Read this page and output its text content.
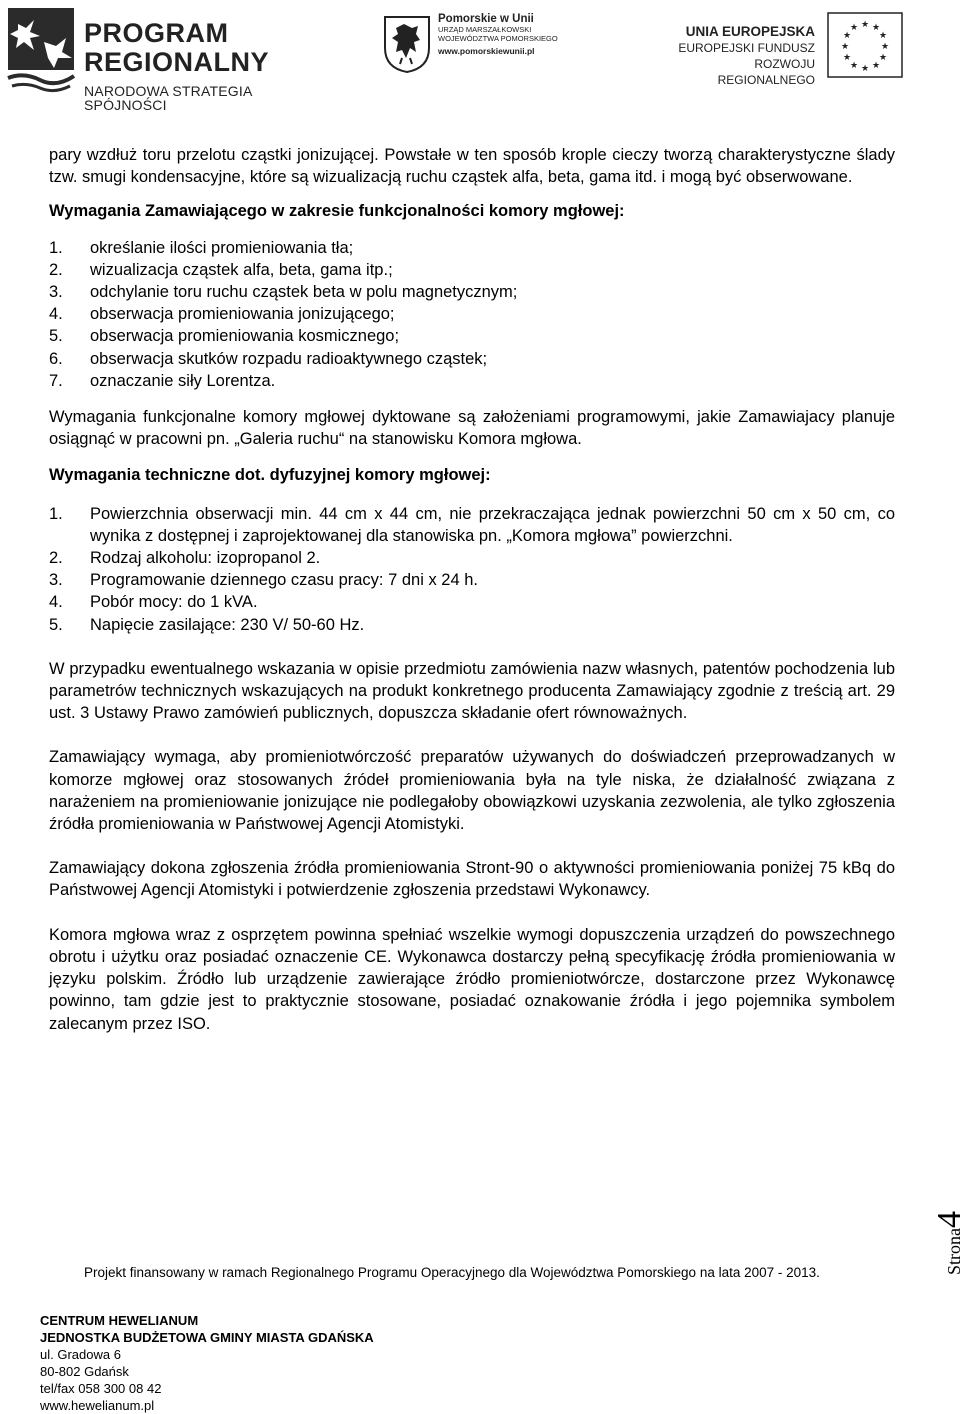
PROGRAM
REGIONALNY
NARODOWA STRATEGIA SPÓJNOŚCI
Pomorskie w Unii
URZĄD MARSZAŁKOWSKI
WOJEWÓDZTWA POMORSKIEGO
www.pomorskiewunii.pl
UNIA EUROPEJSKA
EUROPEJSKI FUNDUSZ
ROZWOJU REGIONALNEGO
★ ★
★
★
★
★
★
★
★
★
★
★

pary wzdłuż toru przelotu cząstki jonizującej. Powstałe w ten sposób krople cieczy tworzą charakterystyczne ślady tzw. smugi kondensacyjne, które są wizualizacją ruchu cząstek alfa, beta, gama itd. i mogą być obserwowane.

Wymagania Zamawiającego w zakresie funkcjonalności komory mgłowej:

1. określanie ilości promieniowania tła;
2. wizualizacja cząstek alfa, beta, gama itp.;
3. odchylanie toru ruchu cząstek beta w polu magnetycznym;
4. obserwacja promieniowania jonizującego;
5. obserwacja promieniowania kosmicznego;
6. obserwacja skutków rozpadu radioaktywnego cząstek;
7. oznaczanie siły Lorentza.

Wymagania funkcjonalne komory mgłowej dyktowane są założeniami programowymi, jakie Zamawiajacy planuje osiągnąć w pracowni pn. „Galeria ruchu“ na stanowisku Komora mgłowa.

Wymagania techniczne dot. dyfuzyjnej komory mgłowej:

1. Powierzchnia obserwacji min. 44 cm x 44 cm, nie przekraczająca jednak powierzchni 50 cm x 50 cm, co wynika z dostępnej i zaprojektowanej dla stanowiska pn. „Komora mgłowa” powierzchni.
2. Rodzaj alkoholu: izopropanol 2.
3. Programowanie dziennego czasu pracy: 7 dni x 24 h.
4. Pobór mocy: do 1 kVA.
5. Napięcie zasilające: 230 V/ 50-60 Hz.

W przypadku ewentualnego wskazania w opisie przedmiotu zamówienia nazw własnych, patentów pochodzenia lub parametrów technicznych wskazujących na produkt konkretnego producenta Zamawiający zgodnie z treścią art. 29 ust. 3 Ustawy Prawo zamówień publicznych, dopuszcza składanie ofert równoważnych.

Zamawiający wymaga, aby promieniotwórczość preparatów używanych do doświadczeń przeprowadzanych w komorze mgłowej oraz stosowanych źródeł promieniowania była na tyle niska, że działalność związana z narażeniem na promieniowanie jonizujące nie podlegałoby obowiązkowi uzyskania zezwolenia, ale tylko zgłoszenia źródła promieniowania w Państwowej Agencji Atomistyki.

Zamawiający dokona zgłoszenia źródła promieniowania Stront-90 o aktywności promieniowania poniżej 75 kBq do Państwowej Agencji Atomistyki i potwierdzenie zgłoszenia przedstawi Wykonawcy.

Komora mgłowa wraz z osprzętem powinna spełniać wszelkie wymogi dopuszczenia urządzeń do powszechnego obrotu i użytku oraz posiadać oznaczenie CE. Wykonawca dostarczy pełną specyfikację źródła promieniowania w języku polskim. Źródło lub urządzenie zawierające źródło promieniotwórcze, dostarczone przez Wykonawcę powinno, tam gdzie jest to praktycznie stosowane, posiadać oznakowanie źródła i jego pojemnika symbolem zalecanym przez ISO.

Strona4
Projekt finansowany w ramach Regionalnego Programu Operacyjnego dla Województwa Pomorskiego na lata 2007 - 2013.
CENTRUM HEWELIANUM
JEDNOSTKA BUDŻETOWA GMINY MIASTA GDAŃSKA
ul. Gradowa 6
80-802 Gdańsk
tel/fax 058 300 08 42
www.hewelianum.pl
